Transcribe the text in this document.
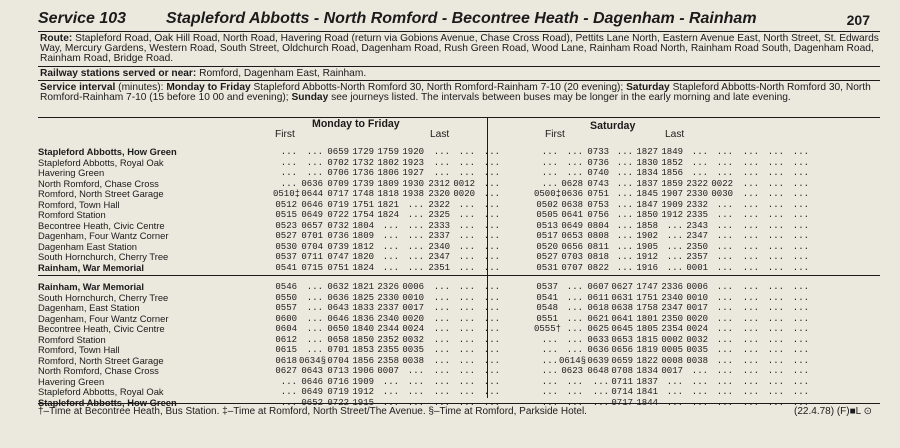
Service 103 Stapleford Abbotts - North Romford - Becontree Heath - Dagenham - Rainham	207
Route: Stapleford Road, Oak Hill Road, North Road, Havering Road (return via Gobions Avenue, Chase Cross Road), Pettits Lane North, Eastern Avenue East, North Street, St. Edwards Way, Mercury Gardens, Western Road, South Street, Oldchurch Road, Dagenham Road, Rush Green Road, Wood Lane, Rainham Road North, Rainham Road South, Dagenham Road, Rainham Road, Bridge Road.
Railway stations served or near: Romford, Dagenham East, Rainham.
Service interval (minutes): Monday to Friday Stapleford Abbotts-North Romford 30, North Romford-Rainham 7-10 (20 evening); Saturday Stapleford Abbotts-North Romford 30, North Romford-Rainham 7-10 (15 before 10 00 and evening); Sunday see journeys listed. The intervals between buses may be longer in the early morning and late evening.
Monday to Friday
First	Last
Saturday
First	Last
Stapleford Abbotts, How Green	...	... 0659 1729 1759 1920	... ... ...	... ... 0733 ... 1827 1849 ... ...	... ... ...
Stapleford Abbotts, Royal Oak	...	... 0702 1732 1802 1923	... ... ...	... ... 0736 ... 1830 1852 ... ...	... ... ...
Havering Green	...	... 0706 1736 1806 1927	... ... ...	... ... 0740 ... 1834 1856 ... ...	... ... ...
North Romford, Chase Cross	... 0636 0709 1739 1809 1930 2312 0012 ...	... 0628 0743 ... 1837 1859 2322 0022	... ... ...
Romford, North Street Garage	0510‡ 0644 0717 1748 1818 1938 2320 0020 ...	0500‡ 0636 0751 ... 1845 1907 2330 0030	... ... ...
Romford, Town Hall	0512 0646 0719 1751 1821 ... 2322 ... ...	0502 0638 0753 ... 1847 1909 2332 ...	... ... ...
Romford Station	0515 0649 0722 1754 1824 ... 2325 ... ...	0505 0641 0756 ... 1850 1912 2335 ...	... ... ...
Becontree Heath, Civic Centre	0523 0657 0732 1804 ... ... 2333 ... ...	0513 0649 0804 ... 1858 ... 2343 ...	... ... ...
Dagenham, Four Wantz Corner	0527 0701 0736 1809 ... ... 2337 ... ...	0517 0653 0808 ... 1902 ... 2347 ...	... ... ...
Dagenham East Station	0530 0704 0739 1812 ... ... 2340 ... ...	0520 0656 0811 ... 1905 ... 2350 ...	... ... ...
South Hornchurch, Cherry Tree	0537 0711 0747 1820 ... ... 2347 ... ...	0527 0703 0818 ... 1912 ... 2357 ...	... ... ...
Rainham, War Memorial	0541 0715 0751 1824 ... ... 2351 ... ...	0531 0707 0822 ... 1916 ... 0001 ...	... ... ...
Rainham, War Memorial	0546	... 0632 1821 2326 0006	... ... ...	0537 ... 0607 0627 1747 2336 0006 ...	... ... ...
South Hornchurch, Cherry Tree	0550	... 0636 1825 2330 0010	... ... ...	0541 ... 0611 0631 1751 2340 0010 ...	... ... ...
Dagenham, East Station	0557	... 0643 1833 2337 0017	... ... ...	0548 ... 0618 0638 1758 2347 0017 ...	... ... ...
Dagenham, Four Wantz Corner	0600	... 0646 1836 2340 0020	... ... ...	0551 ... 0621 0641 1801 2350 0020 ...	... ... ...
Becontree Heath, Civic Centre	0604	... 0650 1840 2344 0024	... ... ...	0555† ... 0625 0645 1805 2354 0024 ...	... ... ...
Romford Station	0612	... 0658 1850 2352 0032	... ... ...	... ... 0633 0653 1815 0002 0032 ...	... ... ...
Romford, Town Hall	0615	... 0701 1853 2355 0035	... ... ...	... ... 0636 0656 1819 0005 0035 ...	... ... ...
Romford, North Street Garage	0618 0634§ 0704 1856 2358 0038	... ... ...	... 0614§ 0639 0659 1822 0008 0038 ...	... ... ...
North Romford, Chase Cross	0627 0643 0713 1906 0007 ...	... ... ...	... 0623 0648 0708 1834 0017 ... ...	... ... ...
Havering Green	... 0646 0716 1909 ... ...	... ... ...	... ...	... 0711 1837 ... ... ...	... ... ...
Stapleford Abbotts, Royal Oak	... 0649 0719 1912 ... ...	... ... ...	... ...	... 0714 1841 ... ... ...	... ... ...
Stapleford Abbotts, How Green	... 0652 0722 1915 ... ...	... ... ...	... ...	... 0717 1844 ... ... ...	... ... ...
†–Time at Becontree Heath, Bus Station. ‡–Time at Romford, North Street/The Avenue. §–Time at Romford, Parkside Hotel.	(22.4.78) (F)■L ⊙
